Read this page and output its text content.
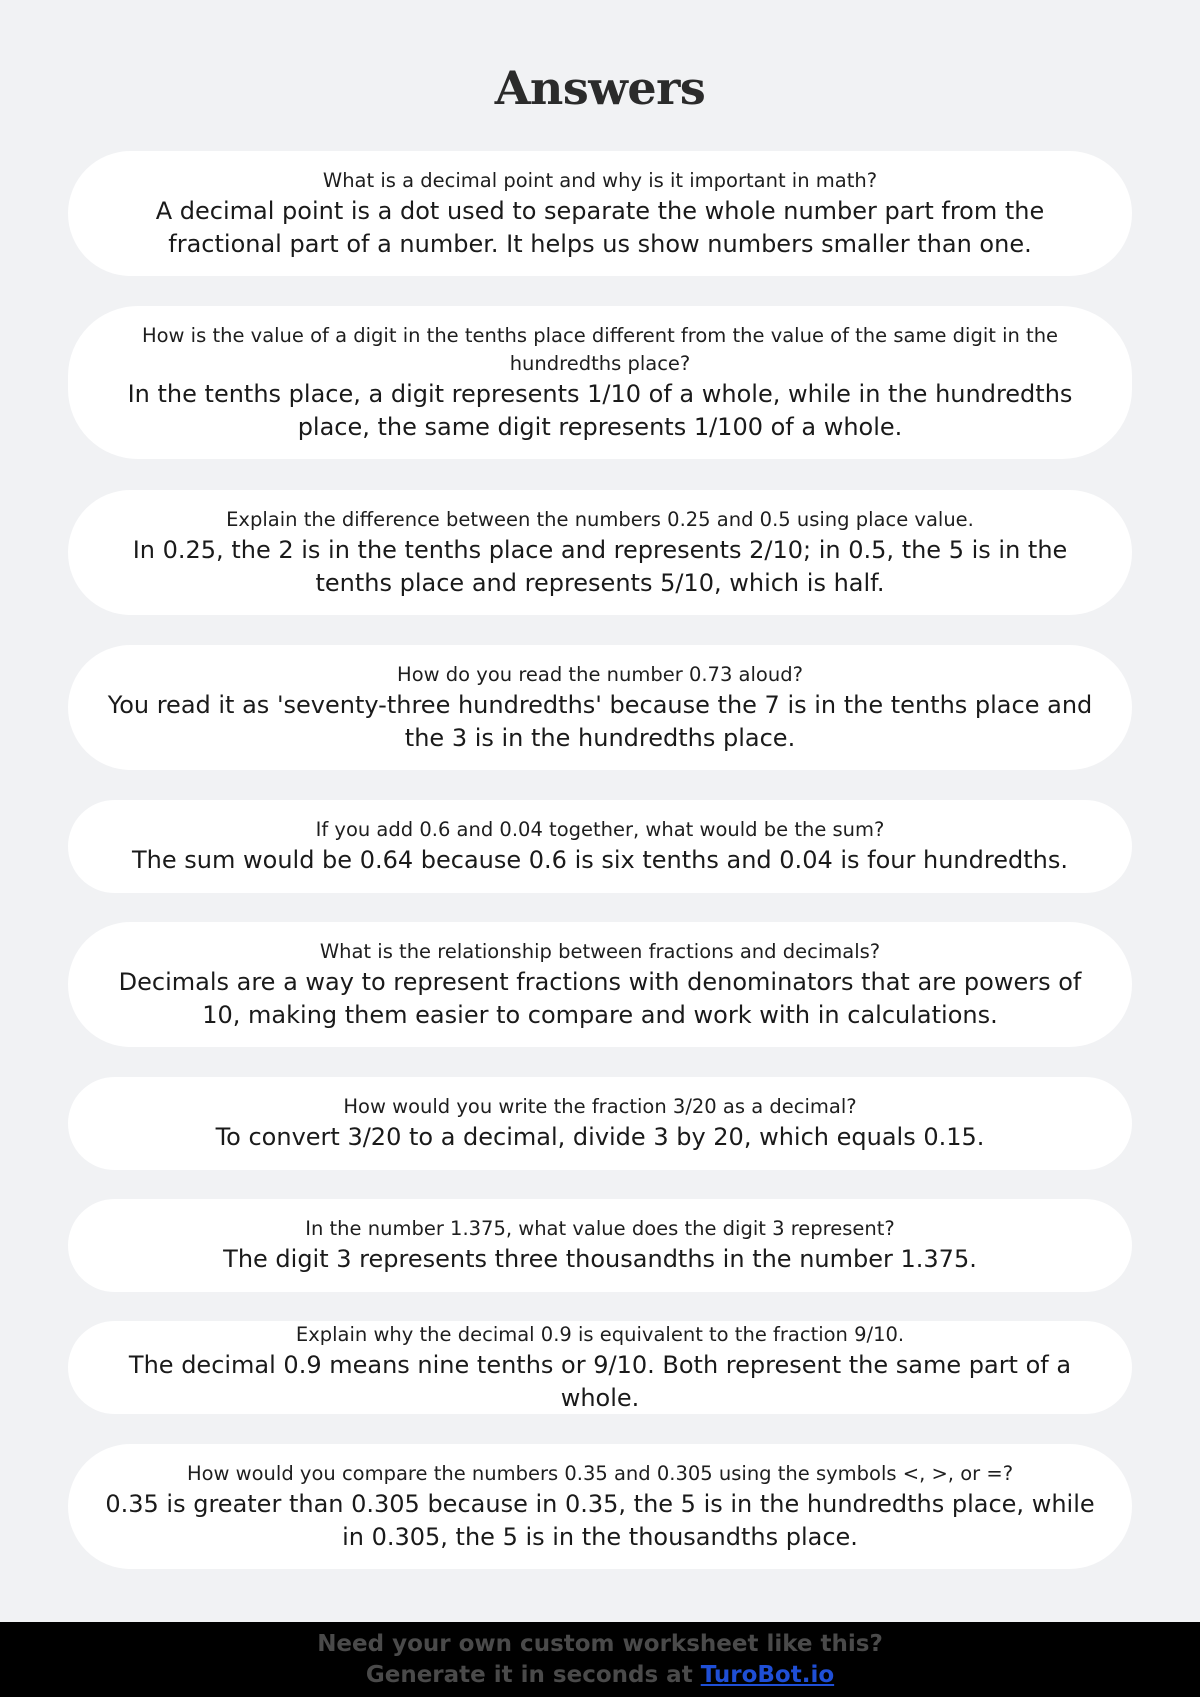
Answers
What is a decimal point and why is it important in math?
A decimal point is a dot used to separate the whole number part from the fractional part of a number. It helps us show numbers smaller than one.
How is the value of a digit in the tenths place different from the value of the same digit in the hundredths place?
In the tenths place, a digit represents 1/10 of a whole, while in the hundredths place, the same digit represents 1/100 of a whole.
Explain the difference between the numbers 0.25 and 0.5 using place value.
In 0.25, the 2 is in the tenths place and represents 2/10; in 0.5, the 5 is in the tenths place and represents 5/10, which is half.
How do you read the number 0.73 aloud?
You read it as 'seventy-three hundredths' because the 7 is in the tenths place and the 3 is in the hundredths place.
If you add 0.6 and 0.04 together, what would be the sum?
The sum would be 0.64 because 0.6 is six tenths and 0.04 is four hundredths.
What is the relationship between fractions and decimals?
Decimals are a way to represent fractions with denominators that are powers of 10, making them easier to compare and work with in calculations.
How would you write the fraction 3/20 as a decimal?
To convert 3/20 to a decimal, divide 3 by 20, which equals 0.15.
In the number 1.375, what value does the digit 3 represent?
The digit 3 represents three thousandths in the number 1.375.
Explain why the decimal 0.9 is equivalent to the fraction 9/10.
The decimal 0.9 means nine tenths or 9/10. Both represent the same part of a whole.
How would you compare the numbers 0.35 and 0.305 using the symbols <, >, or =?
0.35 is greater than 0.305 because in 0.35, the 5 is in the hundredths place, while in 0.305, the 5 is in the thousandths place.
Need your own custom worksheet like this?
Generate it in seconds at TuroBot.io
